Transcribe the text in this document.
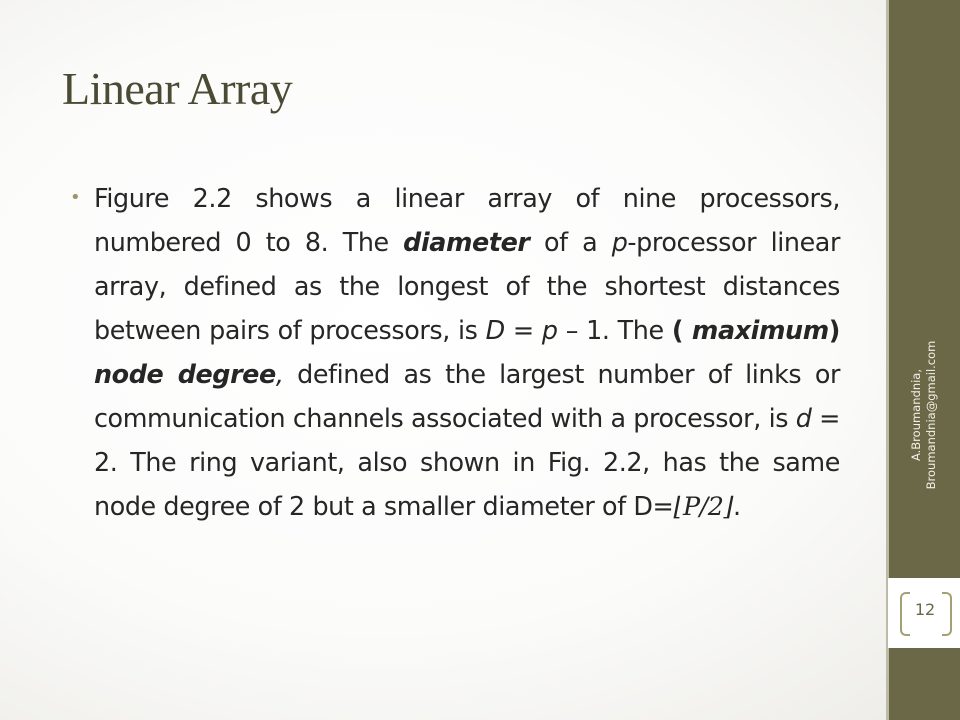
Linear Array
• Figure 2.2 shows a linear array of nine processors, numbered 0 to 8. The diameter of a p-processor linear array, defined as the longest of the shortest distances between pairs of processors, is D = p – 1. The ( maximum) node degree, defined as the largest number of links or communication channels associated with a processor, is d = 2. The ring variant, also shown in Fig. 2.2, has the same node degree of 2 but a smaller diameter of D=⌊P/2⌋.
A.Broumandnia, Broumandnia@gmail.com
12
